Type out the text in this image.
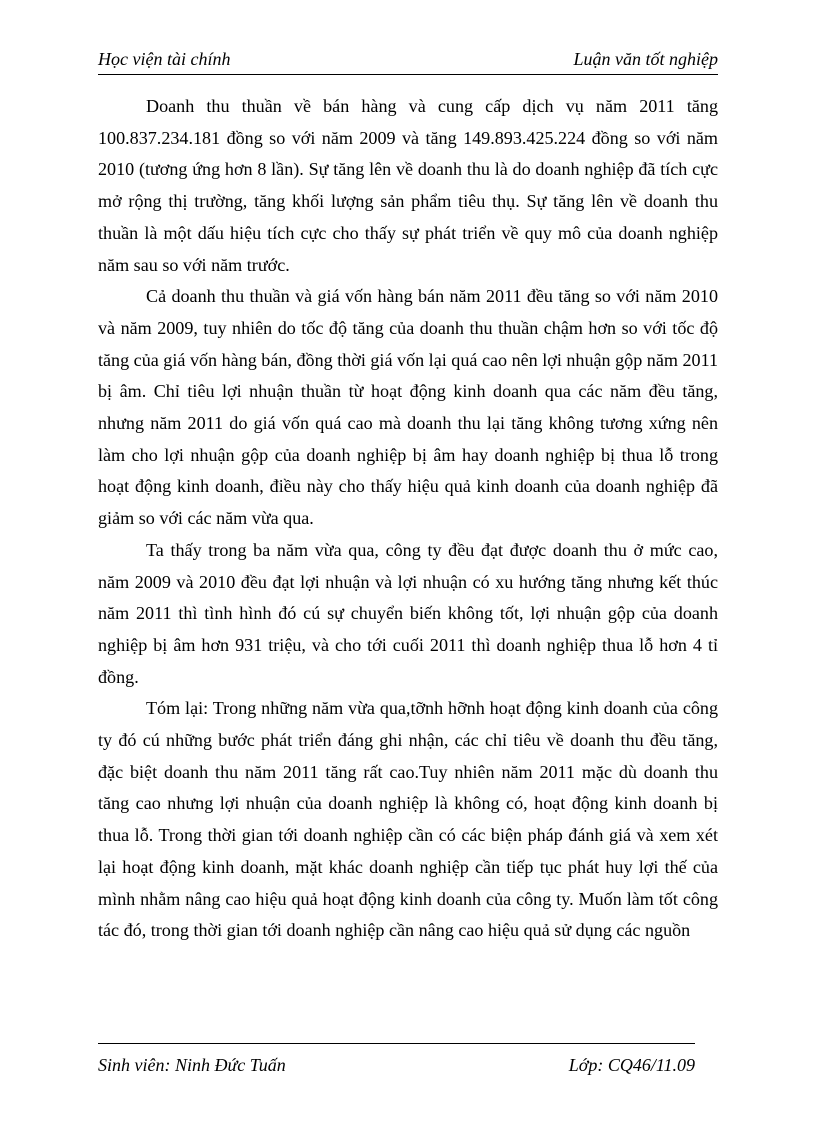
Học viện tài chính	Luận văn tốt nghiệp

Doanh thu thuần về bán hàng và cung cấp dịch vụ năm 2011 tăng 100.837.234.181 đồng so với năm 2009 và tăng 149.893.425.224 đồng so với năm 2010 (tương ứng hơn 8 lần). Sự tăng lên về doanh thu là do doanh nghiệp đã tích cực mở rộng thị trường, tăng khối lượng sản phẩm tiêu thụ. Sự tăng lên về doanh thu thuần là một dấu hiệu tích cực cho thấy sự phát triển về quy mô của doanh nghiệp năm sau so với năm trước.

Cả doanh thu thuần và giá vốn hàng bán năm 2011 đều tăng so với năm 2010 và năm 2009, tuy nhiên do tốc độ tăng của doanh thu thuần chậm hơn so với tốc độ tăng của giá vốn hàng bán, đồng thời giá vốn lại quá cao nên lợi nhuận gộp năm 2011 bị âm. Chỉ tiêu lợi nhuận thuần từ hoạt động kinh doanh qua các năm đều tăng, nhưng năm 2011 do giá vốn quá cao mà doanh thu lại tăng không tương xứng nên làm cho lợi nhuận gộp của doanh nghiệp bị âm hay doanh nghiệp bị thua lỗ trong hoạt động kinh doanh, điều này cho thấy hiệu quả kinh doanh của doanh nghiệp đã giảm so với các năm vừa qua.

Ta thấy trong ba năm vừa qua, công ty đều đạt được doanh thu ở mức cao, năm 2009 và 2010 đều đạt lợi nhuận và lợi nhuận có xu hướng tăng nhưng kết thúc năm 2011 thì tình hình đó cú sự chuyển biến không tốt, lợi nhuận gộp của doanh nghiệp bị âm hơn 931 triệu, và cho tới cuối 2011 thì doanh nghiệp thua lỗ hơn 4 tỉ đồng.

Tóm lại: Trong những năm vừa qua,tỡnh hỡnh hoạt động kinh doanh của công ty đó cú những bước phát triển đáng ghi nhận, các chỉ tiêu về doanh thu đều tăng, đặc biệt doanh thu năm 2011 tăng rất cao.Tuy nhiên năm 2011 mặc dù doanh thu tăng cao nhưng lợi nhuận của doanh nghiệp là không có, hoạt động kinh doanh bị thua lỗ. Trong thời gian tới doanh nghiệp cần có các biện pháp đánh giá và xem xét lại hoạt động kinh doanh, mặt khác doanh nghiệp cần tiếp tục phát huy lợi thế của mình nhằm nâng cao hiệu quả hoạt động kinh doanh của công ty. Muốn làm tốt công tác đó, trong thời gian tới doanh nghiệp cần nâng cao hiệu quả sử dụng các nguồn

Sinh viên: Ninh Đức Tuấn	Lớp: CQ46/11.09
